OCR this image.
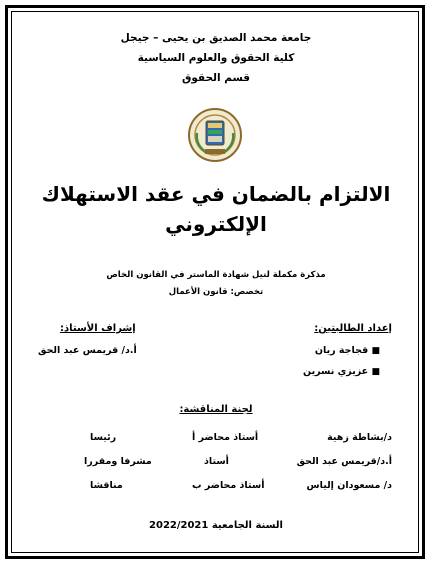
جامعة محمد الصديق بن يحيى – جيجل
كلية الحقوق والعلوم السياسية
قسم الحقوق
الالتزام بالضمان في عقد الاستهلاك
الإلكتروني
مذكرة مكملة لنيل شهادة الماستر في القانون الخاص
تخصص: قانون الأعمال
إعداد الطالبتين:
■ قجاجة ريان
■ عزيزي نسرين
إشراف الأستاذ:
أ.د/ قريمس عبد الحق
لجنة المناقشة:
د/بشاطة زهية
أستاذ محاضر أ
رئيسا
أ.د/قريمس عبد الحق
أستاذ
مشرفا ومقررا
د/ مسعودان إلياس
أستاذ محاضر ب
مناقشا
السنة الجامعية 2022/2021
